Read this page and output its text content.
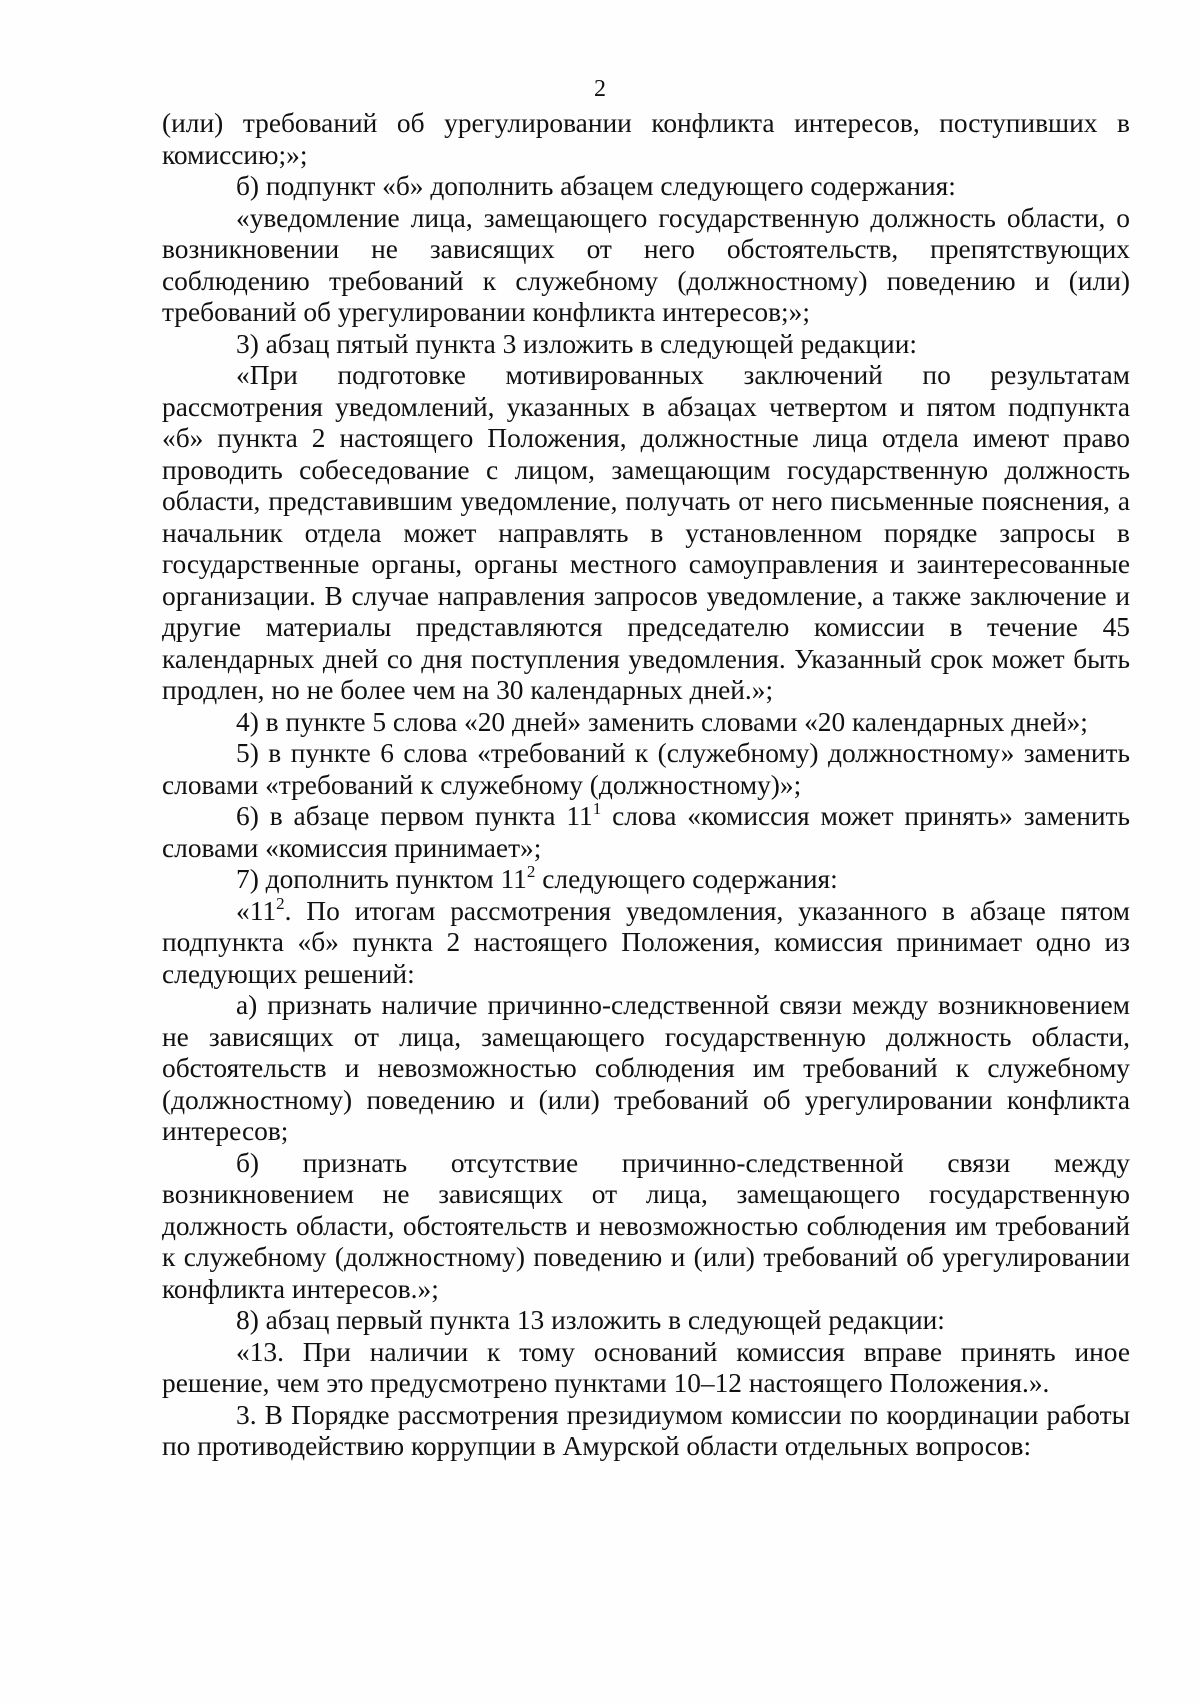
2

(или) требований об урегулировании конфликта интересов, поступивших в комиссию;»;

б) подпункт «б» дополнить абзацем следующего содержания:

«уведомление лица, замещающего государственную должность области, о возникновении не зависящих от него обстоятельств, препятствующих соблюдению требований к служебному (должностному) поведению и (или) требований об урегулировании конфликта интересов;»;

3) абзац пятый пункта 3 изложить в следующей редакции:

«При подготовке мотивированных заключений по результатам рассмотрения уведомлений, указанных в абзацах четвертом и пятом подпункта «б» пункта 2 настоящего Положения, должностные лица отдела имеют право проводить собеседование с лицом, замещающим государственную должность области, представившим уведомление, получать от него письменные пояснения, а начальник отдела может направлять в установленном порядке запросы в государственные органы, органы местного самоуправления и заинтересованные организации. В случае направления запросов уведомление, а также заключение и другие материалы представляются председателю комиссии в течение 45 календарных дней со дня поступления уведомления. Указанный срок может быть продлен, но не более чем на 30 календарных дней.»;

4) в пункте 5 слова «20 дней» заменить словами «20 календарных дней»;

5) в пункте 6 слова «требований к (служебному) должностному» заменить словами «требований к служебному (должностному)»;

6) в абзаце первом пункта $11^1$ слова «комиссия может принять» заменить словами «комиссия принимает»;

7) дополнить пунктом $11^2$ следующего содержания:

«$11^2$. По итогам рассмотрения уведомления, указанного в абзаце пятом подпункта «б» пункта 2 настоящего Положения, комиссия принимает одно из следующих решений:

а) признать наличие причинно-следственной связи между возникновением не зависящих от лица, замещающего государственную должность области, обстоятельств и невозможностью соблюдения им требований к служебному (должностному) поведению и (или) требований об урегулировании конфликта интересов;

б) признать отсутствие причинно-следственной связи между возникновением не зависящих от лица, замещающего государственную должность области, обстоятельств и невозможностью соблюдения им требований к служебному (должностному) поведению и (или) требований об урегулировании конфликта интересов.»;

8) абзац первый пункта 13 изложить в следующей редакции:

«13. При наличии к тому оснований комиссия вправе принять иное решение, чем это предусмотрено пунктами 10–12 настоящего Положения.».

3. В Порядке рассмотрения президиумом комиссии по координации работы по противодействию коррупции в Амурской области отдельных вопросов:
